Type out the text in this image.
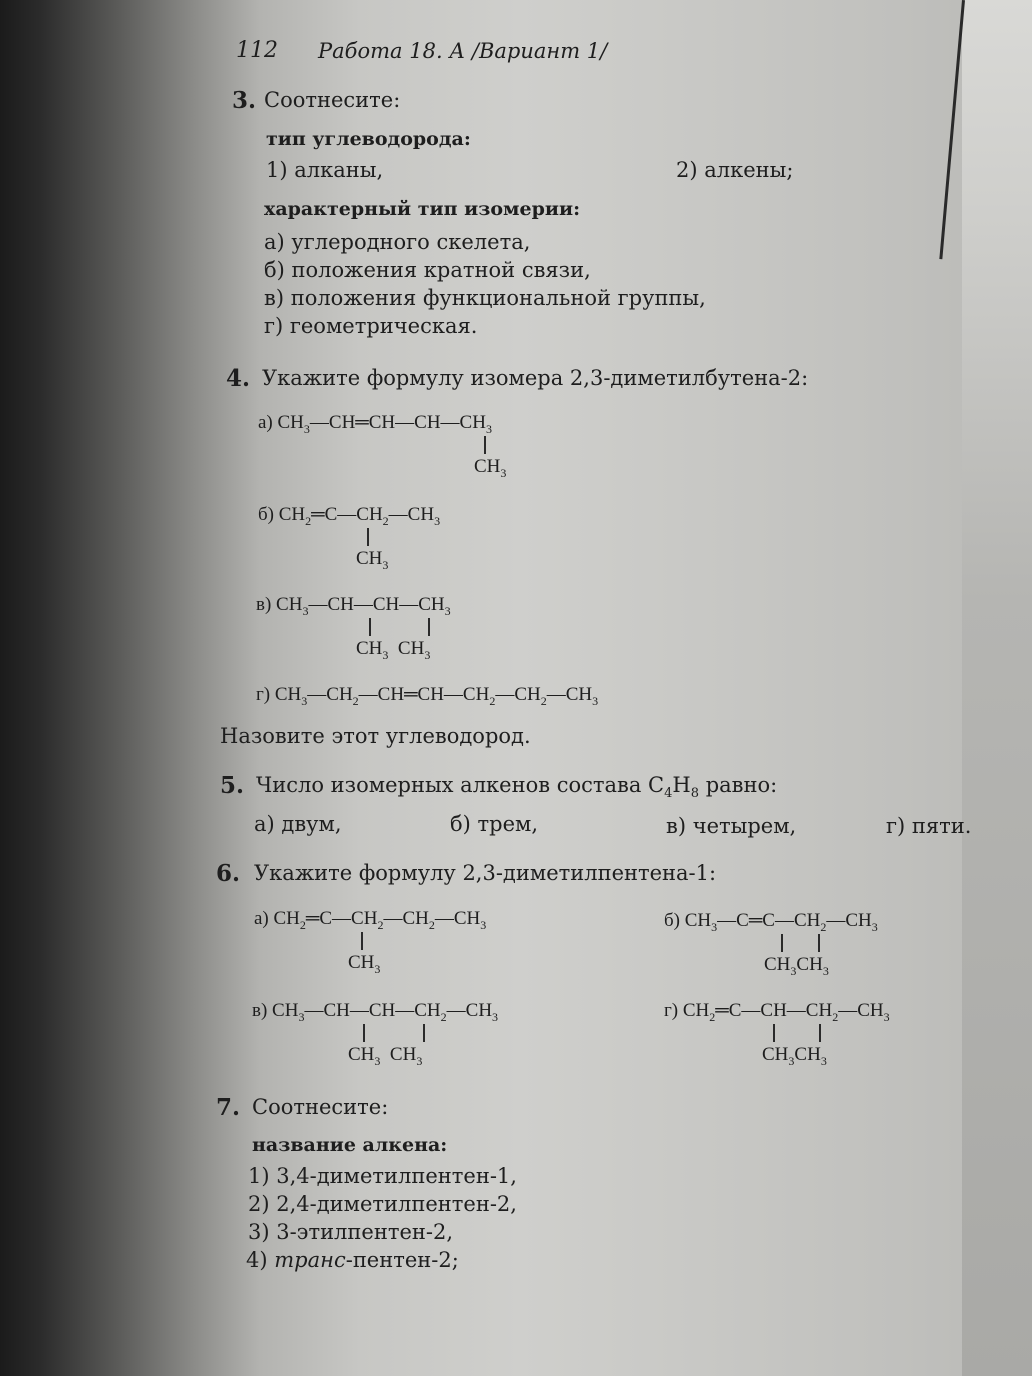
112 Работа 18. А /Вариант 1/
3. Соотнесите:
тип углеводорода:
1) алканы,	2) алкены;
характерный тип изомерии:
а) углеродного скелета,
б) положения кратной связи,
в) положения функциональной группы,
г) геометрическая.
4. Укажите формулу изомера 2,3-диметилбутена-2:
а) $CH_3—CH═CH—CH—CH_3$
$CH_3$
б) $CH_2═C—CH_2—CH_3$
$CH_3$
в) $CH_3—CH—CH—CH_3$
$CH_3$  $CH_3$
г) $CH_3—CH_2—CH═CH—CH_2—CH_2—CH_3$
Назовите этот углеводород.
5. Число изомерных алкенов состава $C_4H_8$ равно:
а) двум,	б) трем,	в) четырем,	г) пяти.
6. Укажите формулу 2,3-диметилпентена-1:
а) $CH_2═C—CH_2—CH_2—CH_3$
$CH_3$
б) $CH_3—C═C—CH_2—CH_3$
$CH_3CH_3$
в) $CH_3—CH—CH—CH_2—CH_3$
$CH_3$  $CH_3$
г) $CH_2═C—CH—CH_2—CH_3$
$CH_3CH_3$
7. Соотнесите:
название алкена:
1) 3,4-диметилпентен-1,
2) 2,4-диметилпентен-2,
3) 3-этилпентен-2,
4) транс-пентен-2;
